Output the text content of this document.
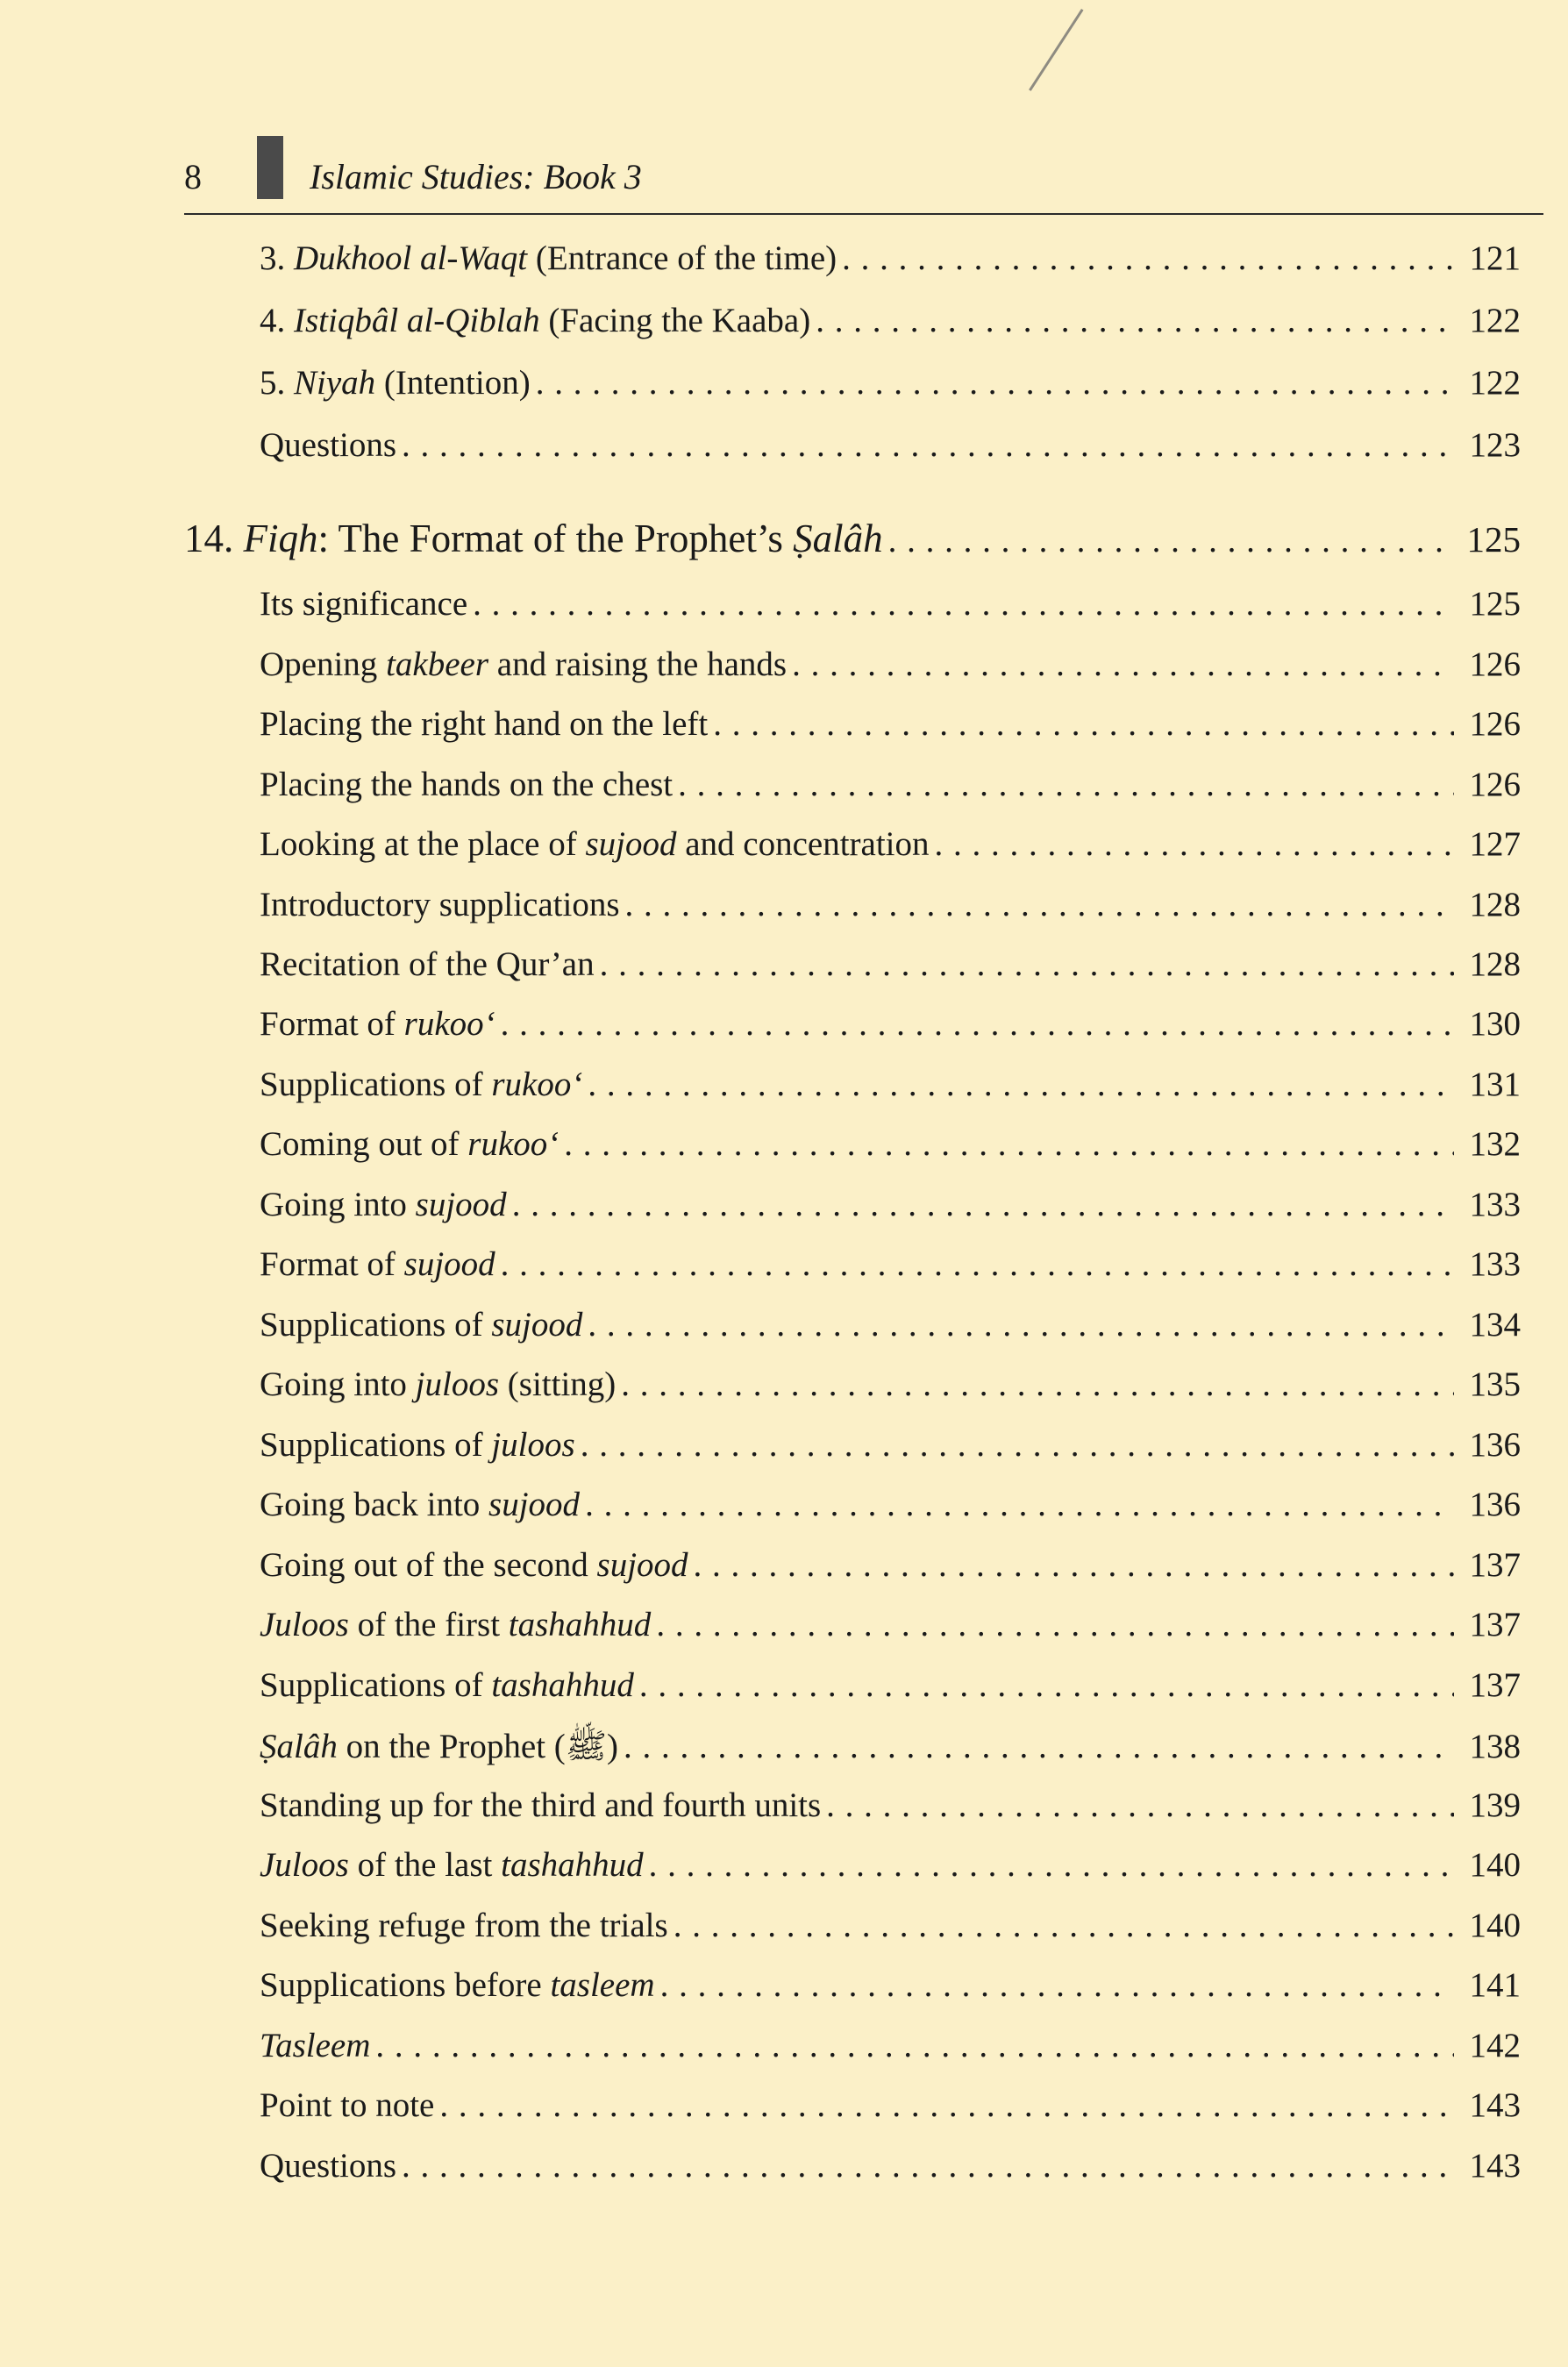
8	Islamic Studies: Book 3
3. Dukhool al-Waqt (Entrance of the time) . . .	121
4. Istiqbâl al-Qiblah (Facing the Kaaba) . . .	122
5. Niyah (Intention) . . .	122
Questions . . .	123
14. Fiqh: The Format of the Prophet’s Ṣalâh . . .	125
Its significance . . .	125
Opening takbeer and raising the hands . . .	126
Placing the right hand on the left . . .	126
Placing the hands on the chest . . .	126
Looking at the place of sujood and concentration . . .	127
Introductory supplications . . .	128
Recitation of the Qur’an . . .	128
Format of rukoo‘ . . .	130
Supplications of rukoo‘ . . .	131
Coming out of rukoo‘ . . .	132
Going into sujood . . .	133
Format of sujood . . .	133
Supplications of sujood . . .	134
Going into juloos (sitting) . . .	135
Supplications of juloos . . .	136
Going back into sujood . . .	136
Going out of the second sujood . . .	137
Juloos of the first tashahhud . . .	137
Supplications of tashahhud . . .	137
Ṣalâh on the Prophet (ﷺ) . . .	138
Standing up for the third and fourth units . . .	139
Juloos of the last tashahhud . . .	140
Seeking refuge from the trials . . .	140
Supplications before tasleem . . .	141
Tasleem . . .	142
Point to note . . .	143
Questions . . .	143
